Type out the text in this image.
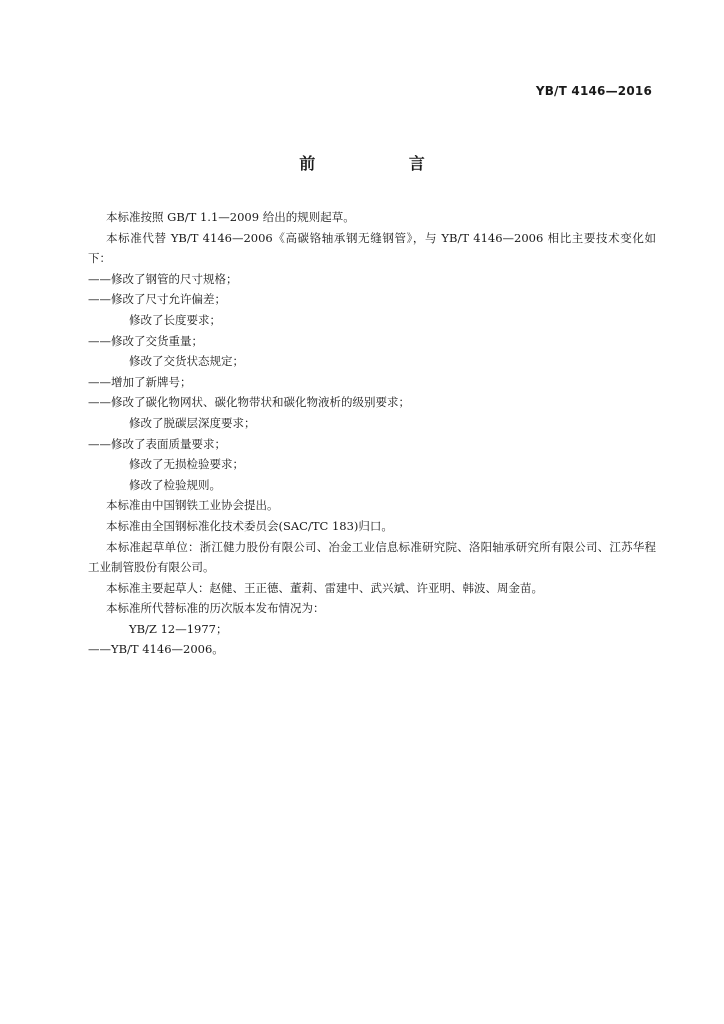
YB/T 4146—2016
前 言

本标准按照 GB/T 1.1—2009 给出的规则起草。

本标准代替 YB/T 4146—2006《高碳铬轴承钢无缝钢管》，与 YB/T 4146—2006 相比主要技术变化如下：

——修改了钢管的尺寸规格；

——修改了尺寸允许偏差；

修改了长度要求；

——修改了交货重量；

修改了交货状态规定；

——增加了新牌号；

——修改了碳化物网状、碳化物带状和碳化物液析的级别要求；

修改了脱碳层深度要求；

——修改了表面质量要求；

修改了无损检验要求；

修改了检验规则。

本标准由中国钢铁工业协会提出。

本标准由全国钢标准化技术委员会(SAC/TC 183)归口。

本标准起草单位：浙江健力股份有限公司、冶金工业信息标准研究院、洛阳轴承研究所有限公司、江苏华程工业制管股份有限公司。

本标准主要起草人：赵健、王正德、董莉、雷建中、武兴斌、许亚明、韩波、周金苗。

本标准所代替标准的历次版本发布情况为：

YB/Z 12—1977；

——YB/T 4146—2006。
